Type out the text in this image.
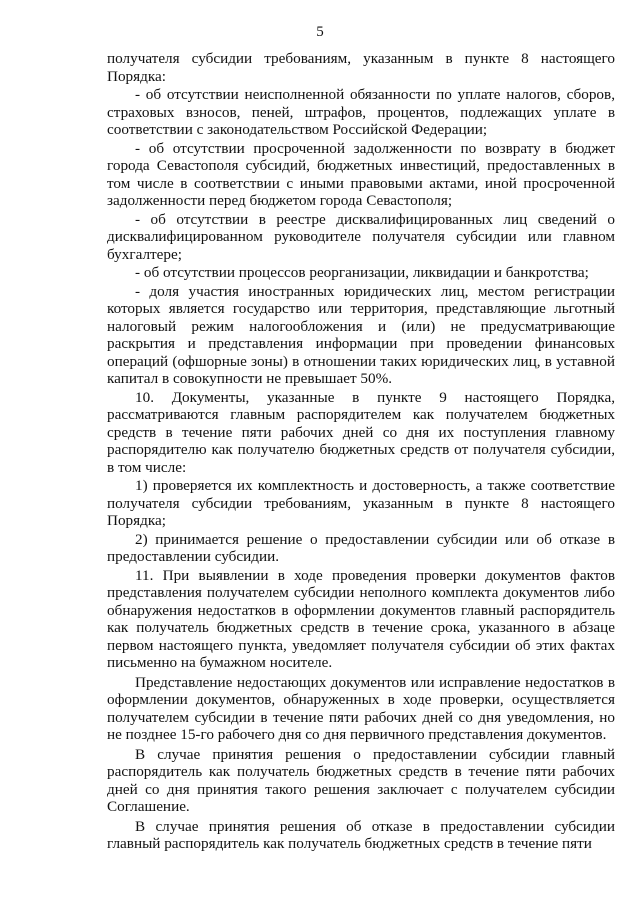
5

получателя субсидии требованиям, указанным в пункте 8 настоящего Порядка:

- об отсутствии неисполненной обязанности по уплате налогов, сборов, страховых взносов, пеней, штрафов, процентов, подлежащих уплате в соответствии с законодательством Российской Федерации;

- об отсутствии просроченной задолженности по возврату в бюджет города Севастополя субсидий, бюджетных инвестиций, предоставленных в том числе в соответствии с иными правовыми актами, иной просроченной задолженности перед бюджетом города Севастополя;

- об отсутствии в реестре дисквалифицированных лиц сведений о дисквалифицированном руководителе получателя субсидии или главном бухгалтере;

- об отсутствии процессов реорганизации, ликвидации и банкротства;

- доля участия иностранных юридических лиц, местом регистрации которых является государство или территория, представляющие льготный налоговый режим налогообложения и (или) не предусматривающие раскрытия и представления информации при проведении финансовых операций (офшорные зоны) в отношении таких юридических лиц, в уставной капитал в совокупности не превышает 50%.

10. Документы, указанные в пункте 9 настоящего Порядка, рассматриваются главным распорядителем как получателем бюджетных средств в течение пяти рабочих дней со дня их поступления главному распорядителю как получателю бюджетных средств от получателя субсидии, в том числе:

1) проверяется их комплектность и достоверность, а также соответствие получателя субсидии требованиям, указанным в пункте 8 настоящего Порядка;

2) принимается решение о предоставлении субсидии или об отказе в предоставлении субсидии.

11. При выявлении в ходе проведения проверки документов фактов представления получателем субсидии неполного комплекта документов либо обнаружения недостатков в оформлении документов главный распорядитель как получатель бюджетных средств в течение срока, указанного в абзаце первом настоящего пункта, уведомляет получателя субсидии об этих фактах письменно на бумажном носителе.

Представление недостающих документов или исправление недостатков в оформлении документов, обнаруженных в ходе проверки, осуществляется получателем субсидии в течение пяти рабочих дней со дня уведомления, но не позднее 15-го рабочего дня со дня первичного представления документов.

В случае принятия решения о предоставлении субсидии главный распорядитель как получатель бюджетных средств в течение пяти рабочих дней со дня принятия такого решения заключает с получателем субсидии Соглашение.

В случае принятия решения об отказе в предоставлении субсидии главный распорядитель как получатель бюджетных средств в течение пяти
